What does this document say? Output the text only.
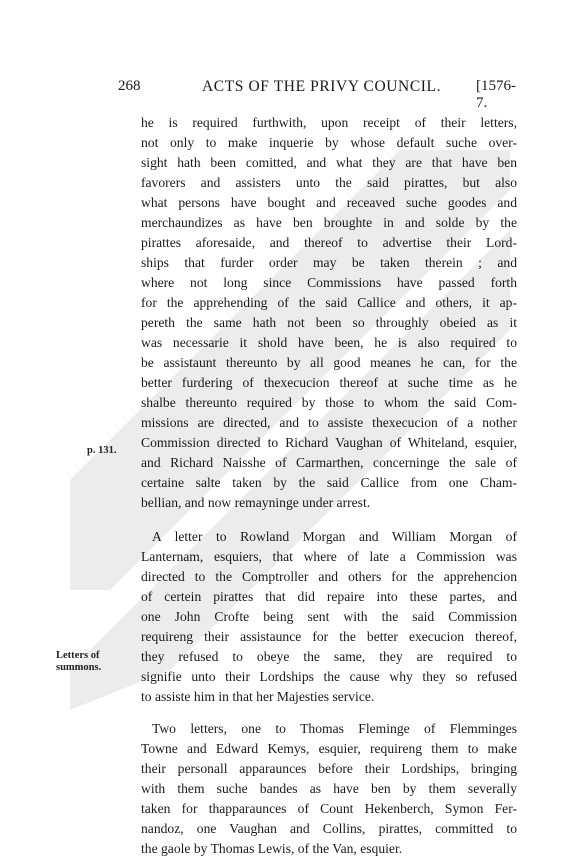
268	ACTS OF THE PRIVY COUNCIL. [1576-7.
p. 131.
Letters of
summons.
he is required furthwith, upon receipt of their letters,
not only to make inquerie by whose default suche over-
sight hath been comitted, and what they are that have ben
favorers and assisters unto the said pirattes, but also
what persons have bought and receaved suche goodes and
merchaundizes as have ben broughte in and solde by the
pirattes aforesaide, and thereof to advertise their Lord-
ships that furder order may be taken therein ; and
where not long since Commissions have passed forth
for the apprehending of the said Callice and others, it ap-
pereth the same hath not been so throughly obeied as it
was necessarie it shold have been, he is also required to
be assistaunt thereunto by all good meanes he can, for the
better furdering of thexecucion thereof at suche time as he
shalbe thereunto required by those to whom the said Com-
missions are directed, and to assiste thexecucion of a nother
Commission directed to Richard Vaughan of Whiteland, esquier,
and Richard Naisshe of Carmarthen, concerninge the sale of
certaine salte taken by the said Callice from one Cham-
bellian, and now remayninge under arrest.
A letter to Rowland Morgan and William Morgan of
Lanternam, esquiers, that where of late a Commission was
directed to the Comptroller and others for the apprehencion
of certein pirattes that did repaire into these partes, and
one John Crofte being sent with the said Commission
requireng their assistaunce for the better execucion thereof,
they refused to obeye the same, they are required to
signifie unto their Lordships the cause why they so refused
to assiste him in that her Majesties service.
Two letters, one to Thomas Fleminge of Flemminges
Towne and Edward Kemys, esquier, requireng them to make
their personall apparaunces before their Lordships, bringing
with them suche bandes as have ben by them severally
taken for thapparaunces of Count Hekenberch, Symon Fer-
nandoz, one Vaughan and Collins, pirattes, committed to
the gaole by Thomas Lewis, of the Van, esquier.
